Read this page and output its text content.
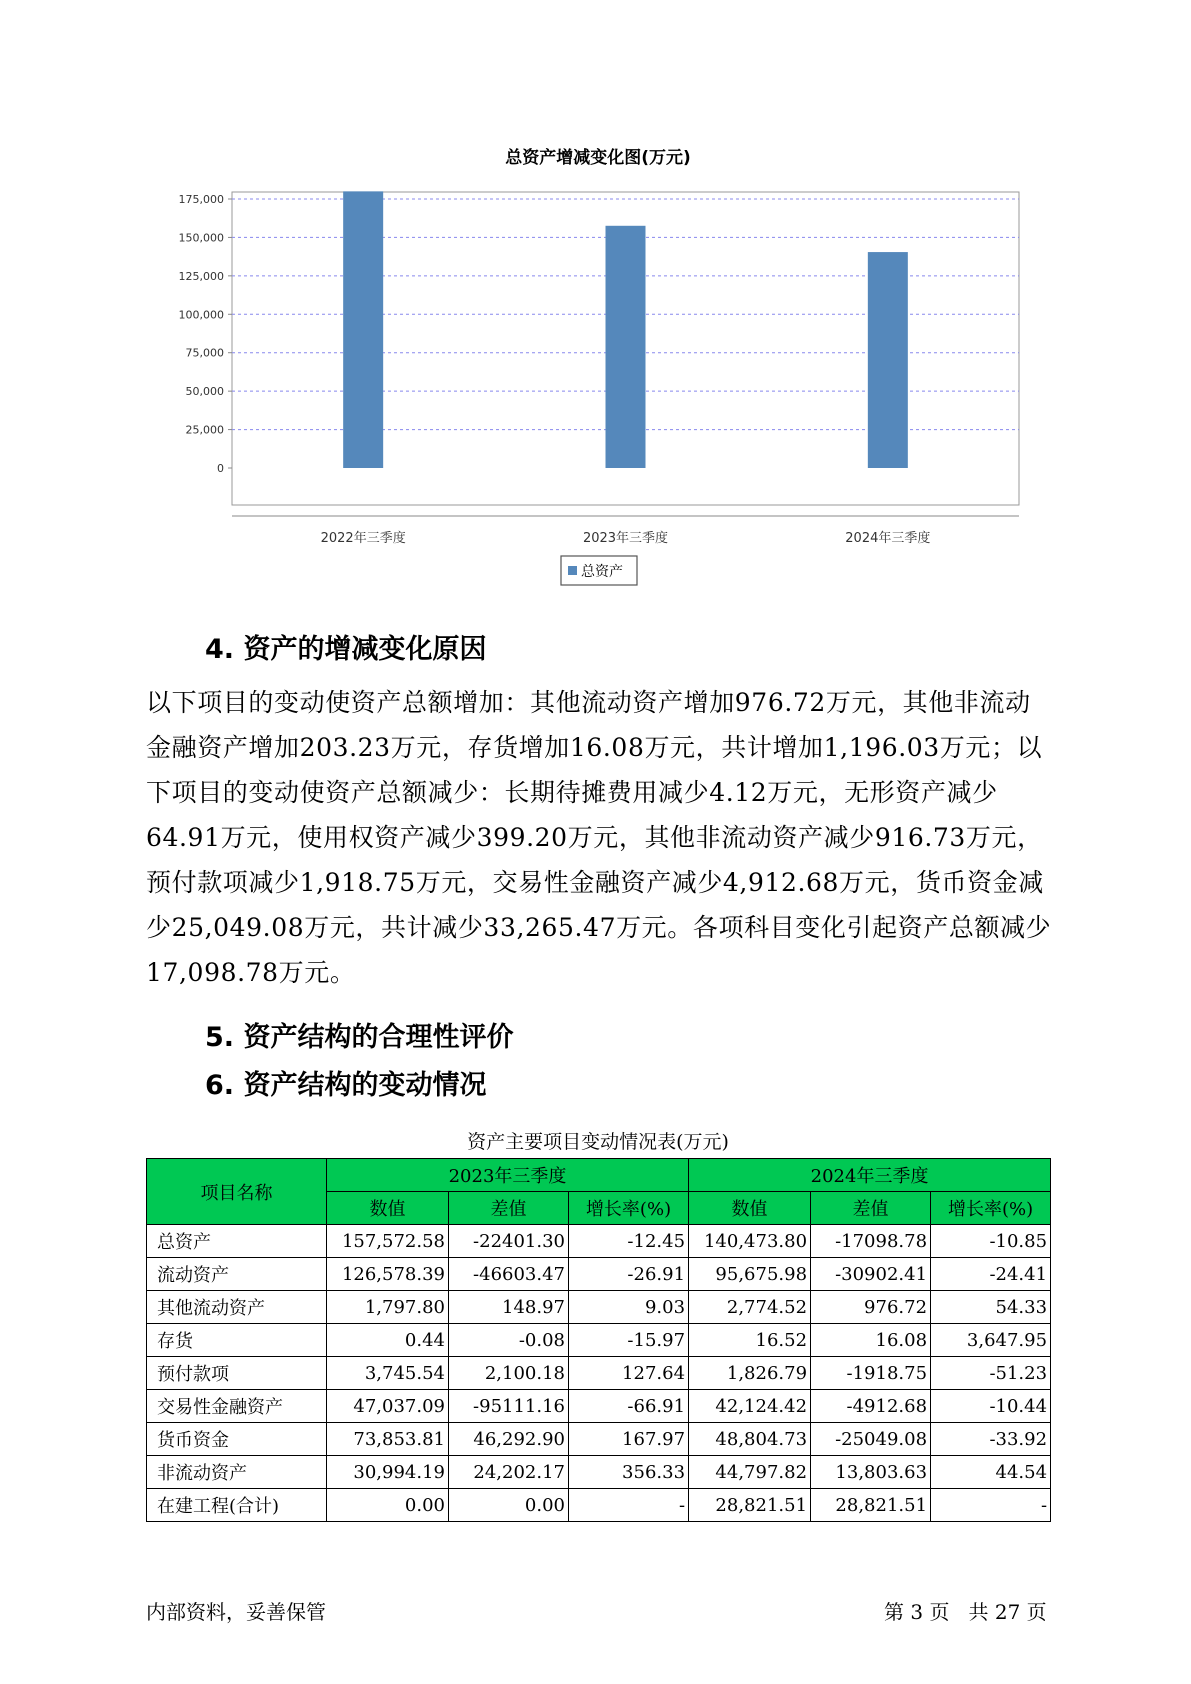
总资产增减变化图(万元)
0
25,000
50,000
75,000
100,000
125,000
150,000
175,000
2022年三季度	2023年三季度	2024年三季度
总资产
4. 资产的增减变化原因

以下项目的变动使资产总额增加：其他流动资产增加976.72万元，其他非流动金融资产增加203.23万元，存货增加16.08万元，共计增加1,196.03万元；以下项目的变动使资产总额减少：长期待摊费用减少4.12万元，无形资产减少64.91万元，使用权资产减少399.20万元，其他非流动资产减少916.73万元，预付款项减少1,918.75万元，交易性金融资产减少4,912.68万元，货币资金减少25,049.08万元，共计减少33,265.47万元。各项科目变化引起资产总额减少17,098.78万元。

5. 资产结构的合理性评价
6. 资产结构的变动情况
资产主要项目变动情况表(万元)
项目名称	2023年三季度			2024年三季度		
	数值	差值	增长率(%)	数值	差值	增长率(%)
总资产	157,572.58	-22401.30	-12.45	140,473.80	-17098.78	-10.85
流动资产	126,578.39	-46603.47	-26.91	95,675.98	-30902.41	-24.41
其他流动资产	1,797.80	148.97	9.03	2,774.52	976.72	54.33
存货	0.44	-0.08	-15.97	16.52	16.08	3,647.95
预付款项	3,745.54	2,100.18	127.64	1,826.79	-1918.75	-51.23
交易性金融资产	47,037.09	-95111.16	-66.91	42,124.42	-4912.68	-10.44
货币资金	73,853.81	46,292.90	167.97	48,804.73	-25049.08	-33.92
非流动资产	30,994.19	24,202.17	356.33	44,797.82	13,803.63	44.54
在建工程(合计)	0.00	0.00	-	28,821.51	28,821.51	-
内部资料，妥善保管	第 3 页   共 27 页
